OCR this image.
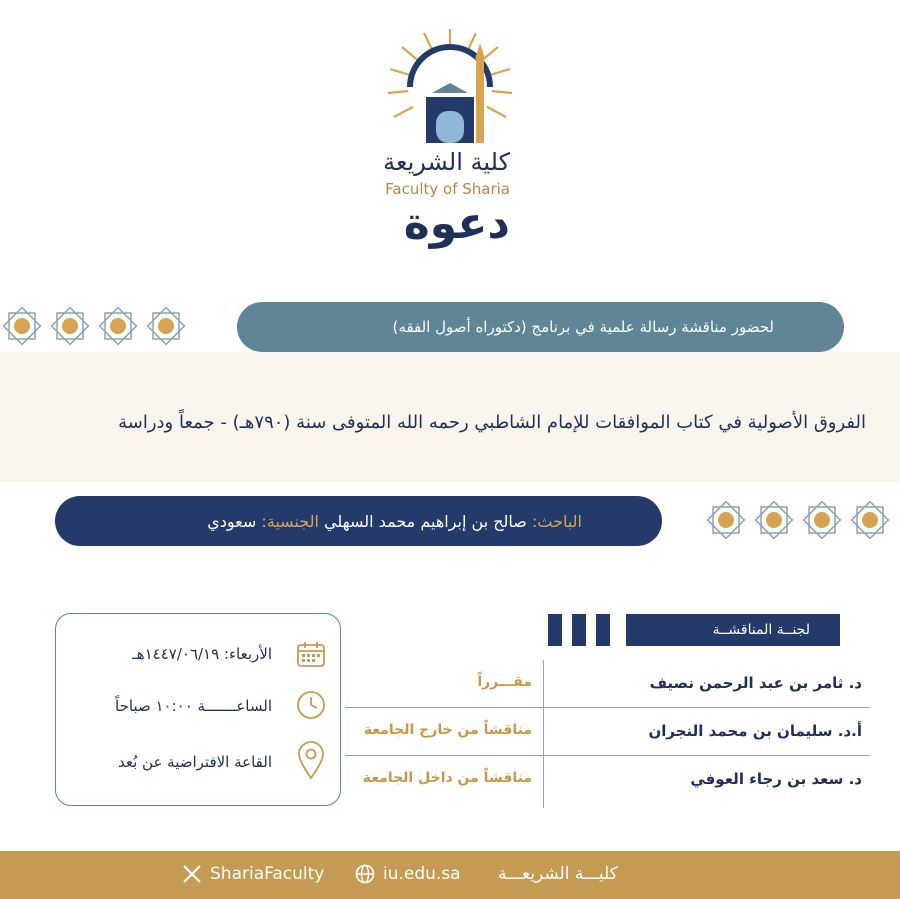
كلية الشريعة
Faculty of Sharia
دعوة
لحضور مناقشة رسالة علمية في برنامج (دكتوراه أصول الفقه)
الفروق الأصولية في كتاب الموافقات للإمام الشاطبي رحمه الله المتوفى سنة (٧٩٠هـ) - جمعاً ودراسة
الباحث:

صالح بن إبراهيم محمد السهلي

الجنسية:

سعودي
لجنــة المناقشــة
د. ثامر بن عبد الرحمن نصيف
مقـــرراً
أ.د. سليمان بن محمد النجران
مناقشاً من خارج الجامعة
د. سعد بن رجاء العوفي
مناقشاً من داخل الجامعة
الأربعاء: ١٤٤٧/٠٦/١٩هـ
الساعـــــــة ١٠:٠٠ صباحاً
القاعة الافتراضية عن بُعد
ShariaFaculty	iu.edu.sa كليـــة الشريعـــة
